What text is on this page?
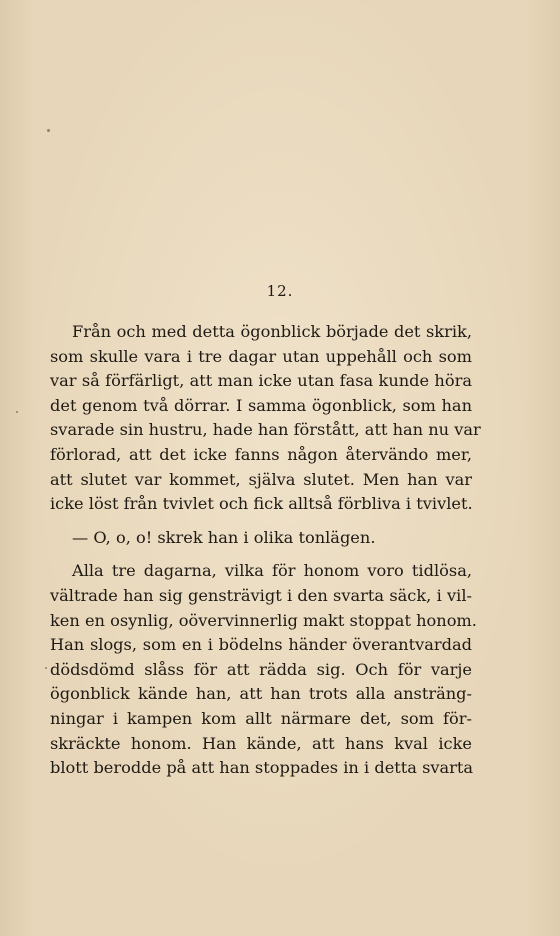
12.
Från och med detta ögonblick började det skrik,
som skulle vara i tre dagar utan uppehåll och som
var så förfärligt, att man icke utan fasa kunde höra
det genom två dörrar. I samma ögonblick, som han
svarade sin hustru, hade han förstått, att han nu var
förlorad, att det icke fanns någon återvändo mer,
att slutet var kommet, själva slutet. Men han var
icke löst från tvivlet och fick alltså förbliva i tvivlet.
— O, o, o! skrek han i olika tonlägen.
Alla tre dagarna, vilka för honom voro tidlösa,
vältrade han sig gensträvigt i den svarta säck, i vil-
ken en osynlig, oövervinnerlig makt stoppat honom.
Han slogs, som en i bödelns händer överantvardad
dödsdömd slåss för att rädda sig. Och för varje
ögonblick kände han, att han trots alla ansträng-
ningar i kampen kom allt närmare det, som för-
skräckte honom. Han kände, att hans kval icke
blott berodde på att han stoppades in i detta svarta
